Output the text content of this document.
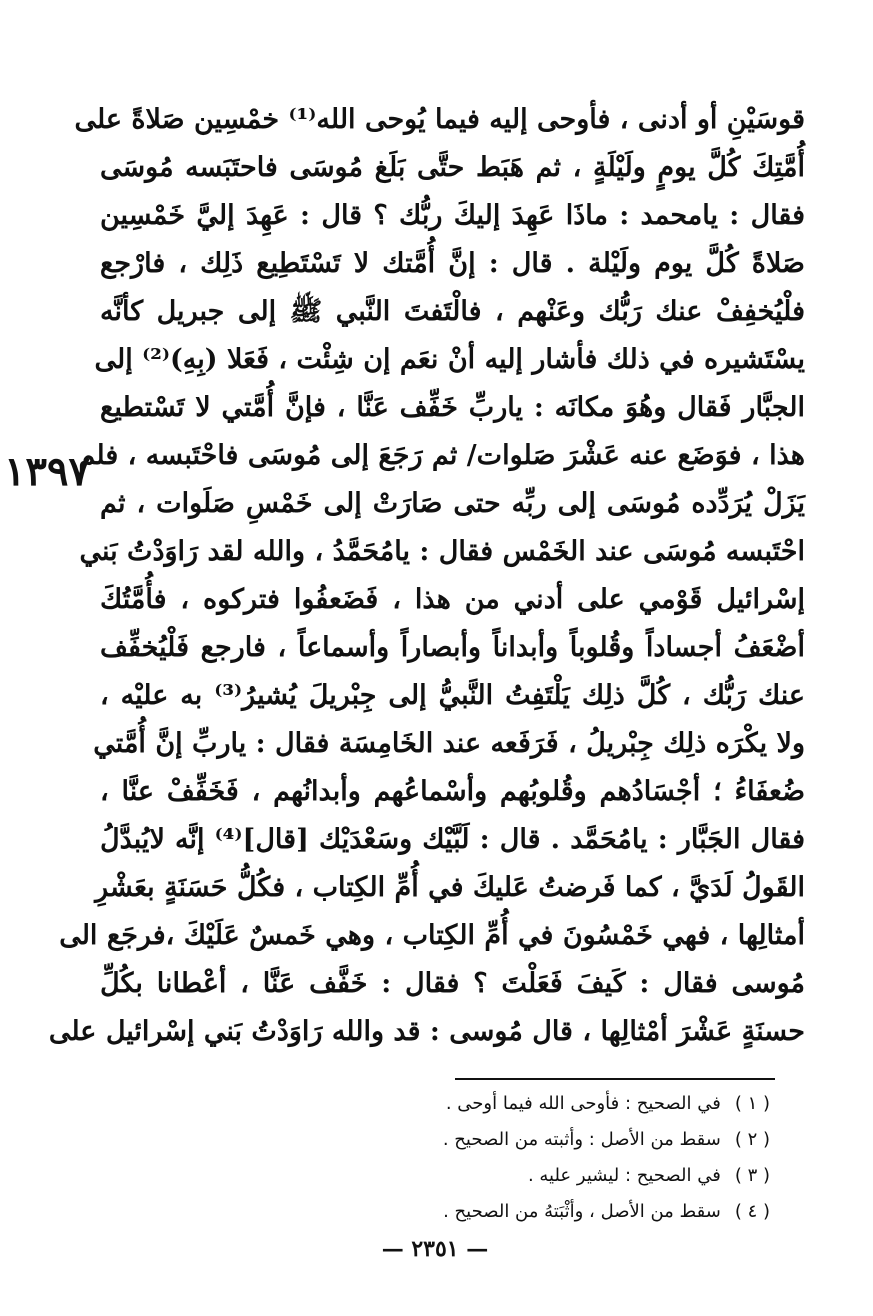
١٣٩٧
قوسَيْنِ أو أدنى ، فأوحى إليه فيما يُوحى الله⁽¹⁾ خمْسِين صَلاةً على
أُمَّتِكَ كُلَّ يومٍ ولَيْلَةٍ ، ثم هَبَط حتَّى بَلَغ مُوسَى فاحتَبَسه مُوسَى
فقال : يامحمد : ماذَا عَهِدَ إليكَ ربُّك ؟ قال : عَهِدَ إليَّ خَمْسِين
صَلاةً كُلَّ يوم ولَيْلة . قال : إنَّ أُمَّتك لا تَسْتَطِيع ذَلِك ، فارْجع
فلْيُخفِفْ عنك رَبُّك وعَنْهم ، فالْتَفتَ النَّبي ﷺ إلى جبريل كأنَّه
يسْتَشيره في ذلك فأشار إليه أنْ نعَم إن شِئْت ، فَعَلا (بِهِ)⁽²⁾ إلى
الجبَّار فَقال وهُوَ مكانَه : ياربِّ خَفِّف عَنَّا ، فإنَّ أُمَّتي لا تَسْتطيع
هذا ، فوَضَع عنه عَشْرَ صَلوات/ ثم رَجَعَ إلى مُوسَى فاحْتَبسه ، فلم
يَزَلْ يُرَدِّده مُوسَى إلى ربِّه حتى صَارَتْ إلى خَمْسِ صَلَوات ، ثم
احْتَبسه مُوسَى عند الخَمْس فقال : يامُحَمَّدُ ، والله لقد رَاوَدْتُ بَني
إسْرائيل قَوْمي على أدني من هذا ، فَضَعفُوا فتركوه ، فأُمَّتُكَ
أضْعَفُ أجساداً وقُلوباً وأبداناً وأبصاراً وأسماعاً ، فارجع فَلْيُخفِّف
عنك رَبُّك ، كُلَّ ذلِك يَلْتَفِتُ النَّبيُّ إلى جِبْريلَ يُشيرُ⁽³⁾ به عليْه ،
ولا يكْرَه ذلِك جِبْريلُ ، فَرَفَعه عند الخَامِسَة فقال : ياربِّ إنَّ أُمَّتي
ضُعفَاءُ ؛ أجْسَادُهم وقُلوبُهم وأسْماعُهم وأبدانُهم ، فَخَفِّفْ عنَّا ،
فقال الجَبَّار : يامُحَمَّد . قال : لَبَّيْك وسَعْدَيْك [قال]⁽⁴⁾ إنَّه لايُبدَّلُ
القَولُ لَدَيَّ ، كما فَرضتُ عَليكَ في أُمِّ الكِتاب ، فكُلُّ حَسَنَةٍ بعَشْرِ
أمثالِها ، فهي خَمْسُونَ في أُمِّ الكِتاب ، وهي خَمسٌ عَلَيْكَ ،فرجَع الى
مُوسى فقال : كَيفَ فَعَلْتَ ؟ فقال : خَفَّف عَنَّا ، أعْطانا بكُلِّ
حسنَةٍ عَشْرَ أمْثالِها ، قال مُوسى : قد والله رَاوَدْتُ بَني إسْرائيل على
( ١ )في الصحيح : فأوحى الله فيما أوحى .
( ٢ )سقط من الأصل : وأثبته من الصحيح .
( ٣ )في الصحيح : ليشير عليه .
( ٤ )سقط من الأصل ، وأثْبَتهُ من الصحيح .
— ٢٣٥١ —
